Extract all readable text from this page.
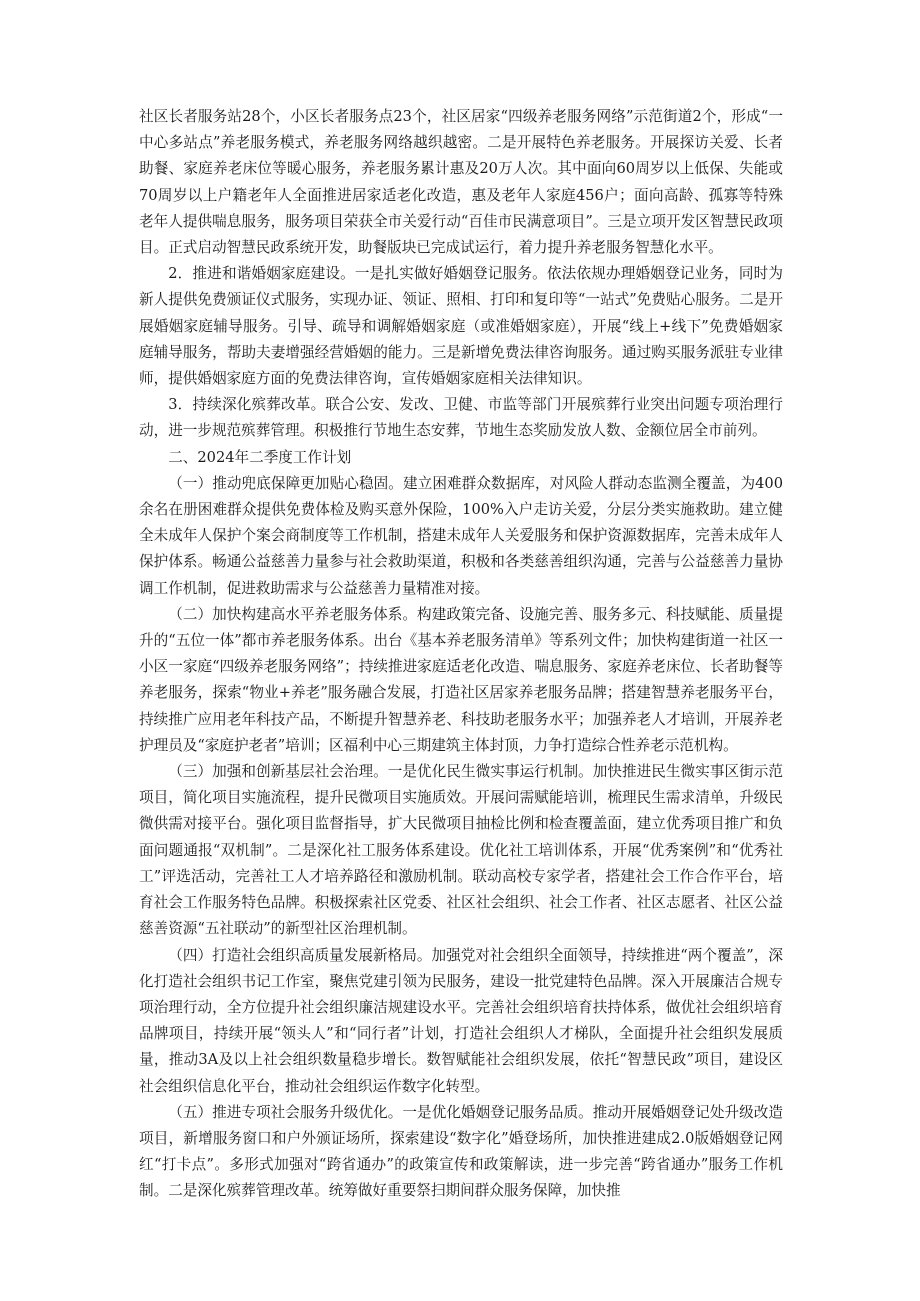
社区长者服务站28个，小区长者服务点23个，社区居家“四级养老服务网络”示范街道2个，形成“一中心多站点”养老服务模式，养老服务网络越织越密。二是开展特色养老服务。开展探访关爱、长者助餐、家庭养老床位等暖心服务，养老服务累计惠及20万人次。其中面向60周岁以上低保、失能或70周岁以上户籍老年人全面推进居家适老化改造，惠及老年人家庭456户；面向高龄、孤寡等特殊老年人提供喘息服务，服务项目荣获全市关爱行动“百佳市民满意项目”。三是立项开发区智慧民政项目。正式启动智慧民政系统开发，助餐版块已完成试运行，着力提升养老服务智慧化水平。

2．推进和谐婚姻家庭建设。一是扎实做好婚姻登记服务。依法依规办理婚姻登记业务，同时为新人提供免费颁证仪式服务，实现办证、领证、照相、打印和复印等“一站式”免费贴心服务。二是开展婚姻家庭辅导服务。引导、疏导和调解婚姻家庭（或准婚姻家庭），开展“线上+线下”免费婚姻家庭辅导服务，帮助夫妻增强经营婚姻的能力。三是新增免费法律咨询服务。通过购买服务派驻专业律师，提供婚姻家庭方面的免费法律咨询，宣传婚姻家庭相关法律知识。

3．持续深化殡葬改革。联合公安、发改、卫健、市监等部门开展殡葬行业突出问题专项治理行动，进一步规范殡葬管理。积极推行节地生态安葬，节地生态奖励发放人数、金额位居全市前列。

二、2024年二季度工作计划

（一）推动兜底保障更加贴心稳固。建立困难群众数据库，对风险人群动态监测全覆盖，为400余名在册困难群众提供免费体检及购买意外保险，100%入户走访关爱，分层分类实施救助。建立健全未成年人保护个案会商制度等工作机制，搭建未成年人关爱服务和保护资源数据库，完善未成年人保护体系。畅通公益慈善力量参与社会救助渠道，积极和各类慈善组织沟通，完善与公益慈善力量协调工作机制，促进救助需求与公益慈善力量精准对接。

（二）加快构建高水平养老服务体系。构建政策完备、设施完善、服务多元、科技赋能、质量提升的“五位一体”都市养老服务体系。出台《基本养老服务清单》等系列文件；加快构建街道一社区一小区一家庭“四级养老服务网络”；持续推进家庭适老化改造、喘息服务、家庭养老床位、长者助餐等养老服务，探索“物业+养老”服务融合发展，打造社区居家养老服务品牌；搭建智慧养老服务平台，持续推广应用老年科技产品，不断提升智慧养老、科技助老服务水平；加强养老人才培训，开展养老护理员及“家庭护老者”培训；区福利中心三期建筑主体封顶，力争打造综合性养老示范机构。

（三）加强和创新基层社会治理。一是优化民生微实事运行机制。加快推进民生微实事区街示范项目，简化项目实施流程，提升民微项目实施质效。开展问需赋能培训，梳理民生需求清单，升级民微供需对接平台。强化项目监督指导，扩大民微项目抽检比例和检查覆盖面，建立优秀项目推广和负面问题通报“双机制”。二是深化社工服务体系建设。优化社工培训体系，开展“优秀案例”和“优秀社工”评选活动，完善社工人才培养路径和激励机制。联动高校专家学者，搭建社会工作合作平台，培育社会工作服务特色品牌。积极探索社区党委、社区社会组织、社会工作者、社区志愿者、社区公益慈善资源“五社联动”的新型社区治理机制。

（四）打造社会组织高质量发展新格局。加强党对社会组织全面领导，持续推进“两个覆盖”，深化打造社会组织书记工作室，聚焦党建引领为民服务，建设一批党建特色品牌。深入开展廉洁合规专项治理行动，全方位提升社会组织廉洁规建设水平。完善社会组织培育扶持体系，做优社会组织培育品牌项目，持续开展“领头人”和“同行者”计划，打造社会组织人才梯队，全面提升社会组织发展质量，推动3A及以上社会组织数量稳步增长。数智赋能社会组织发展，依托“智慧民政”项目，建设区社会组织信息化平台，推动社会组织运作数字化转型。

（五）推进专项社会服务升级优化。一是优化婚姻登记服务品质。推动开展婚姻登记处升级改造项目，新增服务窗口和户外颁证场所，探索建设“数字化”婚登场所，加快推进建成2.0版婚姻登记网红“打卡点”。多形式加强对“跨省通办”的政策宣传和政策解读，进一步完善“跨省通办”服务工作机制。二是深化殡葬管理改革。统筹做好重要祭扫期间群众服务保障，加快推
